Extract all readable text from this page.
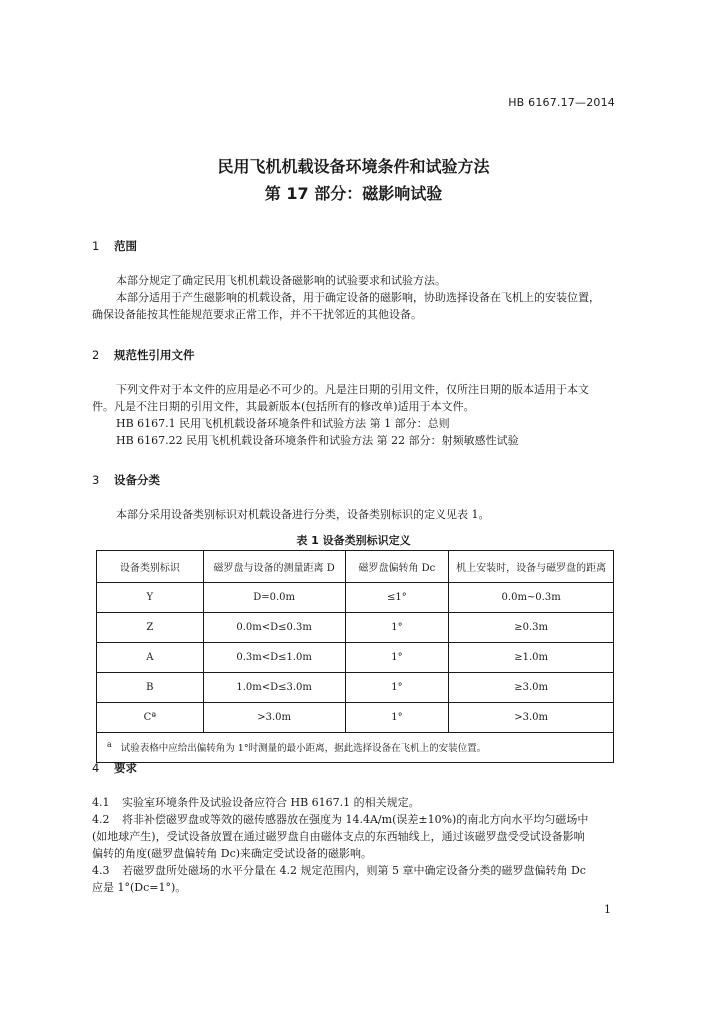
HB 6167.17—2014
民用飞机机载设备环境条件和试验方法
第 17 部分：磁影响试验
1 范围
本部分规定了确定民用飞机机载设备磁影响的试验要求和试验方法。
本部分适用于产生磁影响的机载设备，用于确定设备的磁影响，协助选择设备在飞机上的安装位置，
确保设备能按其性能规范要求正常工作，并不干扰邻近的其他设备。
2 规范性引用文件
下列文件对于本文件的应用是必不可少的。凡是注日期的引用文件，仅所注日期的版本适用于本文
件。凡是不注日期的引用文件，其最新版本(包括所有的修改单)适用于本文件。
HB 6167.1 民用飞机机载设备环境条件和试验方法 第 1 部分：总则
HB 6167.22 民用飞机机载设备环境条件和试验方法 第 22 部分：射频敏感性试验
3 设备分类
本部分采用设备类别标识对机载设备进行分类，设备类别标识的定义见表 1。
表 1 设备类别标识定义
设备类别标识	磁罗盘与设备的测量距离 D	磁罗盘偏转角 Dc	机上安装时，设备与磁罗盘的距离
Y	D=0.0m	≤1°	0.0m~0.3m
Z	0.0m<D≤0.3m	1°	≥0.3m
A	0.3m<D≤1.0m	1°	≥1.0m
B	1.0m<D≤3.0m	1°	≥3.0m
Cª	>3.0m	1°	>3.0m
$^a$ 试验表格中应给出偏转角为 1°时测量的最小距离，据此选择设备在飞机上的安装位置。			
4 要求
4.1 实验室环境条件及试验设备应符合 HB 6167.1 的相关规定。
4.2 将非补偿磁罗盘或等效的磁传感器放在强度为 14.4A/m(误差±10%)的南北方向水平均匀磁场中
(如地球产生)，受试设备放置在通过磁罗盘自由磁体支点的东西轴线上，通过该磁罗盘受受试设备影响
偏转的角度(磁罗盘偏转角 Dc)来确定受试设备的磁影响。
4.3 若磁罗盘所处磁场的水平分量在 4.2 规定范围内，则第 5 章中确定设备分类的磁罗盘偏转角 Dc
应是 1°(Dc=1°)。
1
